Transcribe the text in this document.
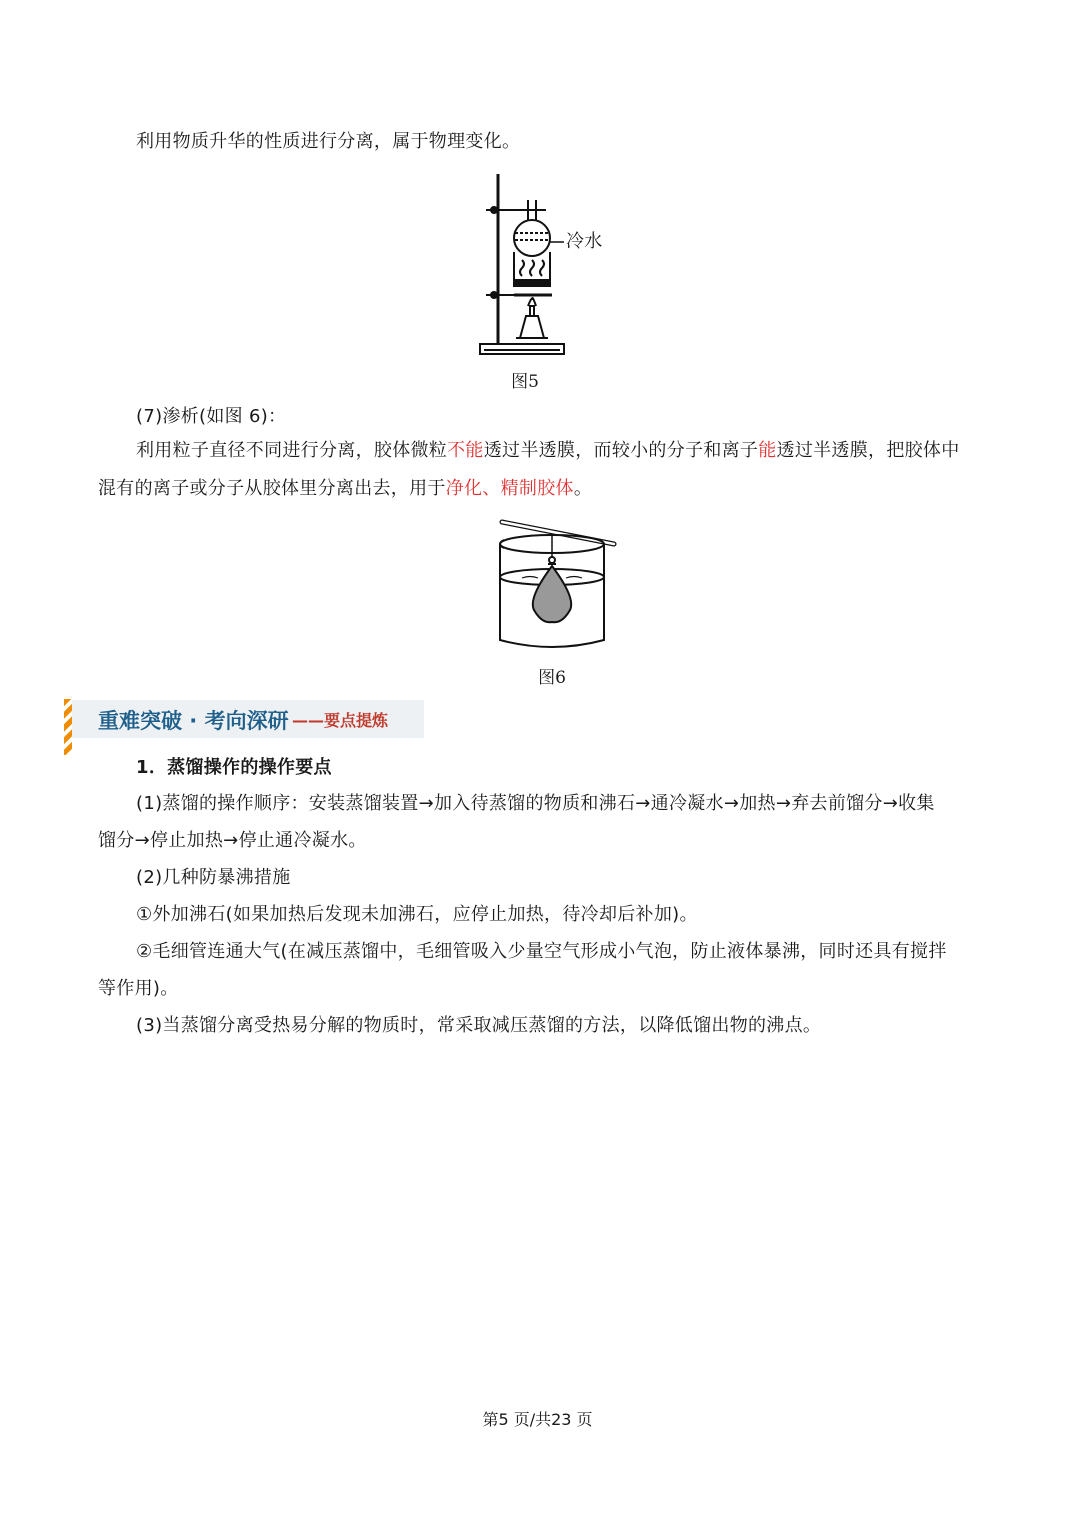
利用物质升华的性质进行分离，属于物理变化。
冷水
图5
(7)渗析(如图 6)：
利用粒子直径不同进行分离，胶体微粒不能透过半透膜，而较小的分子和离子能透过半透膜，把胶体中
混有的离子或分子从胶体里分离出去，用于净化、精制胶体。
图6
重难突破 · 考向深研 ——要点提炼
1．蒸馏操作的操作要点
(1)蒸馏的操作顺序：安装蒸馏装置→加入待蒸馏的物质和沸石→通冷凝水→加热→弃去前馏分→收集
馏分→停止加热→停止通冷凝水。
(2)几种防暴沸措施
①外加沸石(如果加热后发现未加沸石，应停止加热，待冷却后补加)。
②毛细管连通大气(在减压蒸馏中，毛细管吸入少量空气形成小气泡，防止液体暴沸，同时还具有搅拌
等作用)。
(3)当蒸馏分离受热易分解的物质时，常采取减压蒸馏的方法，以降低馏出物的沸点。
第5 页/共23 页
